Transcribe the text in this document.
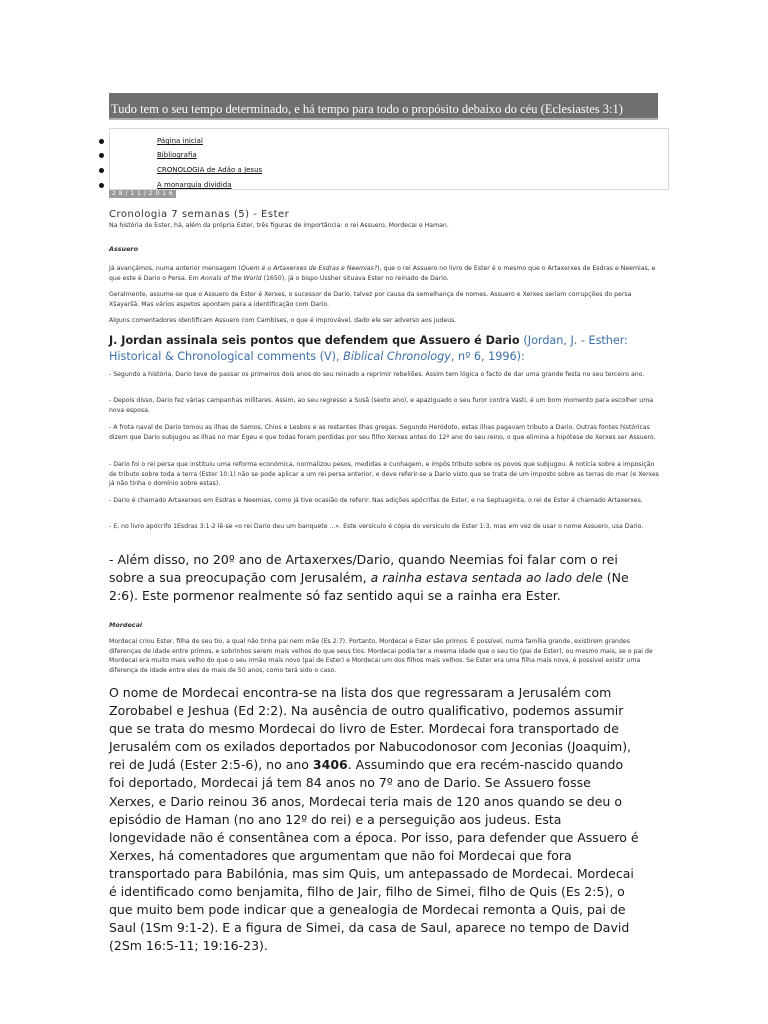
Tudo tem o seu tempo determinado, e há tempo para todo o propósito debaixo do céu (Eclesiastes 3:1)
Página inicial
Bibliografia
CRONOLOGIA de Adão a Jesus
A monarquia dividida
2 8 / 1 1 / 2 0 1 6
Cronologia 7 semanas (5) - Ester
Na história de Ester, há, além da própria Ester, três figuras de importância: o rei Assuero, Mordecai e Haman.
Assuero
Já avançámos, numa anterior mensagem (Quem é o Artaxerxes de Esdras e Neemias?), que o rei Assuero no livro de Ester é o mesmo que o Artaxerxes de Esdras e Neemias, e que este é Dario o Persa. Em Annals of the World (1650), já o bispo Ussher situava Ester no reinado de Dario.
Geralmente, assume-se que o Assuero de Ester é Xerxes, o sucessor de Dario, talvez por causa da semelhança de nomes. Assuero e Xerxes seriam corrupções do persa Xšayaršā. Mas vários aspetos apontam para a identificação com Dario.
Alguns comentadores identificam Assuero com Cambises, o que é improvável, dado ele ser adverso aos judeus.
J. Jordan assinala seis pontos que defendem que Assuero é Dario (Jordan, J. - Esther: Historical & Chronological comments (V), Biblical Chronology, nº 6, 1996):
- Segundo a história, Dario teve de passar os primeiros dois anos do seu reinado a reprimir rebeliões. Assim tem lógica o facto de dar uma grande festa no seu terceiro ano.
- Depois disso, Dario fez várias campanhas militares. Assim, ao seu regresso a Susã (sexto ano), e apaziguado o seu furor contra Vasti, é um bom momento para escolher uma nova esposa.
- A frota naval de Dario tomou as ilhas de Samos, Chios e Lesbos e as restantes ilhas gregas. Segundo Heródoto, estas ilhas pagavam tributo a Dario. Outras fontes históricas dizem que Dario subjugou as ilhas no mar Egeu e que todas foram perdidas por seu filho Xerxes antes do 12º ano do seu reino, o que elimina a hipótese de Xerxes ser Assuero.
- Dario foi o rei persa que instituiu uma reforma económica, normalizou pesos, medidas e cunhagem, e impôs tributo sobre os povos que subjugou. A notícia sobre a imposição de tributo sobre toda a terra (Ester 10:1) não se pode aplicar a um rei persa anterior, e deve referir-se a Dario visto que se trata de um imposto sobre as terras do mar (e Xerxes já não tinha o domínio sobre estas).
- Dario é chamado Artaxerxes em Esdras e Neemias, como já tive ocasião de referir. Nas adições apócrifas de Ester, e na Septuaginta, o rei de Ester é chamado Artaxerxes.
- E, no livro apócrifo 1Esdras 3:1-2 lê-se «o rei Dario deu um banquete ...». Este versículo é cópia do versículo de Ester 1:3, mas em vez de usar o nome Assuero, usa Dario.
- Além disso, no 20º ano de Artaxerxes/Dario, quando Neemias foi falar com o rei sobre a sua preocupação com Jerusalém, a rainha estava sentada ao lado dele (Ne 2:6). Este pormenor realmente só faz sentido aqui se a rainha era Ester.
Mordecai
Mordecai criou Ester, filha de seu tio, a qual não tinha pai nem mãe (Es 2:7). Portanto, Mordecai e Ester são primos. É possível, numa família grande, existirem grandes diferenças de idade entre primos, e sobrinhos serem mais velhos do que seus tios. Mordecai podia ter a mesma idade que o seu tio (pai de Ester), ou mesmo mais, se o pai de Mordecai era muito mais velho do que o seu irmão mais novo (pai de Ester) e Mordecai um dos filhos mais velhos. Se Ester era uma filha mais nova, é possível existir uma diferença de idade entre eles de mais de 50 anos, como terá sido o caso.
O nome de Mordecai encontra-se na lista dos que regressaram a Jerusalém com Zorobabel e Jeshua (Ed 2:2). Na ausência de outro qualificativo, podemos assumir que se trata do mesmo Mordecai do livro de Ester. Mordecai fora transportado de Jerusalém com os exilados deportados por Nabucodonosor com Jeconias (Joaquim), rei de Judá (Ester 2:5-6), no ano 3406. Assumindo que era recém-nascido quando foi deportado, Mordecai já tem 84 anos no 7º ano de Dario. Se Assuero fosse Xerxes, e Dario reinou 36 anos, Mordecai teria mais de 120 anos quando se deu o episódio de Haman (no ano 12º do rei) e a perseguição aos judeus. Esta longevidade não é consentânea com a época. Por isso, para defender que Assuero é Xerxes, há comentadores que argumentam que não foi Mordecai que fora transportado para Babilónia, mas sim Quis, um antepassado de Mordecai. Mordecai é identificado como benjamita, filho de Jair, filho de Simei, filho de Quis (Es 2:5), o que muito bem pode indicar que a genealogia de Mordecai remonta a Quis, pai de Saul (1Sm 9:1-2). E a figura de Simei, da casa de Saul, aparece no tempo de David (2Sm 16:5-11; 19:16-23).
